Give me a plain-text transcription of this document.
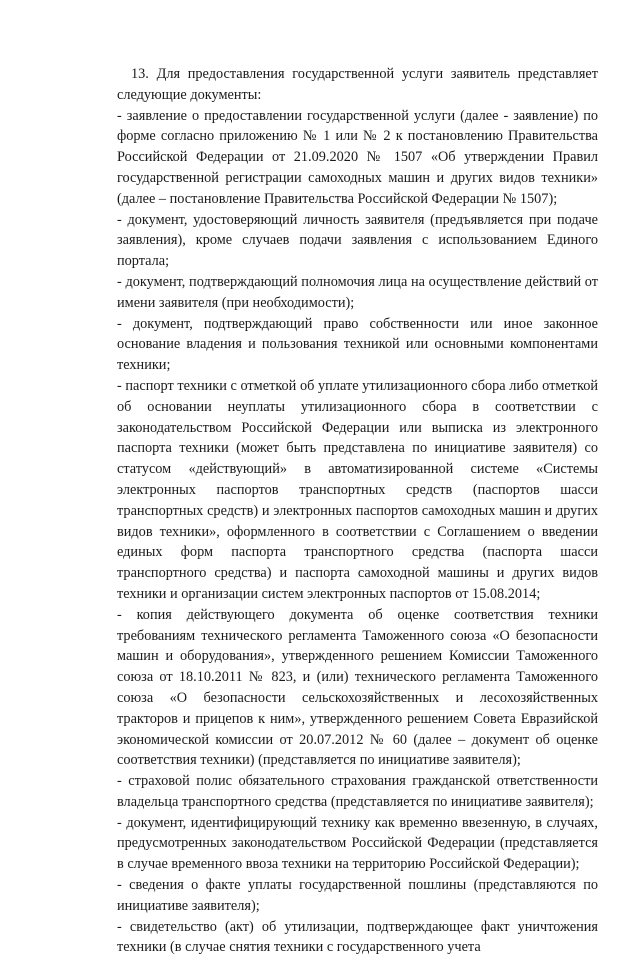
13. Для предоставления государственной услуги заявитель представляет следующие документы:

- заявление о предоставлении государственной услуги (далее - заявление) по форме согласно приложению № 1 или № 2 к постановлению Правительства Российской Федерации от 21.09.2020 № 1507 «Об утверждении Правил государственной регистрации самоходных машин и других видов техники» (далее – постановление Правительства Российской Федерации № 1507);

- документ, удостоверяющий личность заявителя (предъявляется при подаче заявления), кроме случаев подачи заявления с использованием Единого портала;

- документ, подтверждающий полномочия лица на осуществление действий от имени заявителя (при необходимости);

- документ, подтверждающий право собственности или иное законное основание владения и пользования техникой или основными компонентами техники;

- паспорт техники с отметкой об уплате утилизационного сбора либо отметкой об основании неуплаты утилизационного сбора в соответствии с законодательством Российской Федерации или выписка из электронного паспорта техники (может быть представлена по инициативе заявителя) со статусом «действующий» в автоматизированной системе «Системы электронных паспортов транспортных средств (паспортов шасси транспортных средств) и электронных паспортов самоходных машин и других видов техники», оформленного в соответствии с Соглашением о введении единых форм паспорта транспортного средства (паспорта шасси транспортного средства) и паспорта самоходной машины и других видов техники и организации систем электронных паспортов от 15.08.2014;

- копия действующего документа об оценке соответствия техники требованиям технического регламента Таможенного союза «О безопасности машин и оборудования», утвержденного решением Комиссии Таможенного союза от 18.10.2011 № 823, и (или) технического регламента Таможенного союза «О безопасности сельскохозяйственных и лесохозяйственных тракторов и прицепов к ним», утвержденного решением Совета Евразийской экономической комиссии от 20.07.2012 № 60 (далее – документ об оценке соответствия техники) (представляется по инициативе заявителя);

- страховой полис обязательного страхования гражданской ответственности владельца транспортного средства (представляется по инициативе заявителя);

- документ, идентифицирующий технику как временно ввезенную, в случаях, предусмотренных законодательством Российской Федерации (представляется в случае временного ввоза техники на территорию Российской Федерации);

- сведения о факте уплаты государственной пошлины (представляются по инициативе заявителя);

- свидетельство (акт) об утилизации, подтверждающее факт уничтожения техники (в случае снятия техники с государственного учета
